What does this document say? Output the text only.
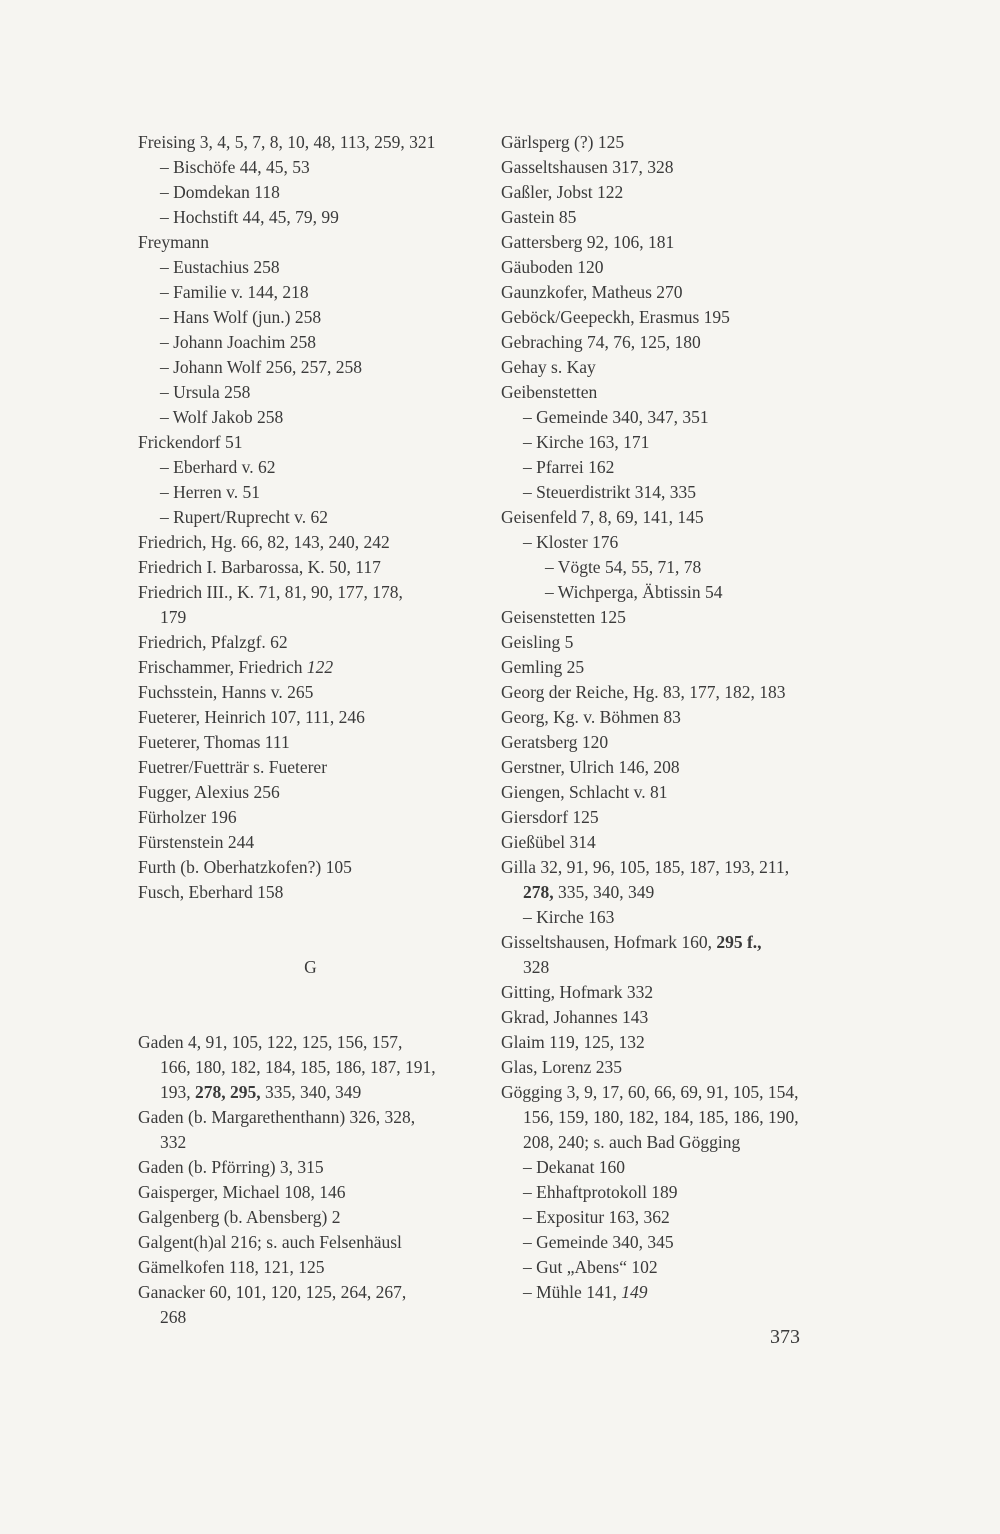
Freising 3, 4, 5, 7, 8, 10, 48, 113, 259, 321
– Bischöfe 44, 45, 53
– Domdekan 118
– Hochstift 44, 45, 79, 99
Freymann
– Eustachius 258
– Familie v. 144, 218
– Hans Wolf (jun.) 258
– Johann Joachim 258
– Johann Wolf 256, 257, 258
– Ursula 258
– Wolf Jakob 258
Frickendorf 51
– Eberhard v. 62
– Herren v. 51
– Rupert/Ruprecht v. 62
Friedrich, Hg. 66, 82, 143, 240, 242
Friedrich I. Barbarossa, K. 50, 117
Friedrich III., K. 71, 81, 90, 177, 178,
179
Friedrich, Pfalzgf. 62
Frischammer, Friedrich 122
Fuchsstein, Hanns v. 265
Fueterer, Heinrich 107, 111, 246
Fueterer, Thomas 111
Fuetrer/Fuetträr s. Fueterer
Fugger, Alexius 256
Fürholzer 196
Fürstenstein 244
Furth (b. Oberhatzkofen?) 105
Fusch, Eberhard 158
G
Gaden 4, 91, 105, 122, 125, 156, 157,
166, 180, 182, 184, 185, 186, 187, 191,
193, 278, 295, 335, 340, 349
Gaden (b. Margarethenthann) 326, 328,
332
Gaden (b. Pförring) 3, 315
Gaisperger, Michael 108, 146
Galgenberg (b. Abensberg) 2
Galgent(h)al 216; s. auch Felsenhäusl
Gämelkofen 118, 121, 125
Ganacker 60, 101, 120, 125, 264, 267,
268
Gärlsperg (?) 125
Gasseltshausen 317, 328
Gaßler, Jobst 122
Gastein 85
Gattersberg 92, 106, 181
Gäuboden 120
Gaunzkofer, Matheus 270
Geböck/Geepeckh, Erasmus 195
Gebraching 74, 76, 125, 180
Gehay s. Kay
Geibenstetten
– Gemeinde 340, 347, 351
– Kirche 163, 171
– Pfarrei 162
– Steuerdistrikt 314, 335
Geisenfeld 7, 8, 69, 141, 145
– Kloster 176
– Vögte 54, 55, 71, 78
– Wichperga, Äbtissin 54
Geisenstetten 125
Geisling 5
Gemling 25
Georg der Reiche, Hg. 83, 177, 182, 183
Georg, Kg. v. Böhmen 83
Geratsberg 120
Gerstner, Ulrich 146, 208
Giengen, Schlacht v. 81
Giersdorf 125
Gießübel 314
Gilla 32, 91, 96, 105, 185, 187, 193, 211,
278, 335, 340, 349
– Kirche 163
Gisseltshausen, Hofmark 160, 295 f.,
328
Gitting, Hofmark 332
Gkrad, Johannes 143
Glaim 119, 125, 132
Glas, Lorenz 235
Gögging 3, 9, 17, 60, 66, 69, 91, 105, 154,
156, 159, 180, 182, 184, 185, 186, 190,
208, 240; s. auch Bad Gögging
– Dekanat 160
– Ehhaftprotokoll 189
– Expositur 163, 362
– Gemeinde 340, 345
– Gut „Abens“ 102
– Mühle 141, 149
373
